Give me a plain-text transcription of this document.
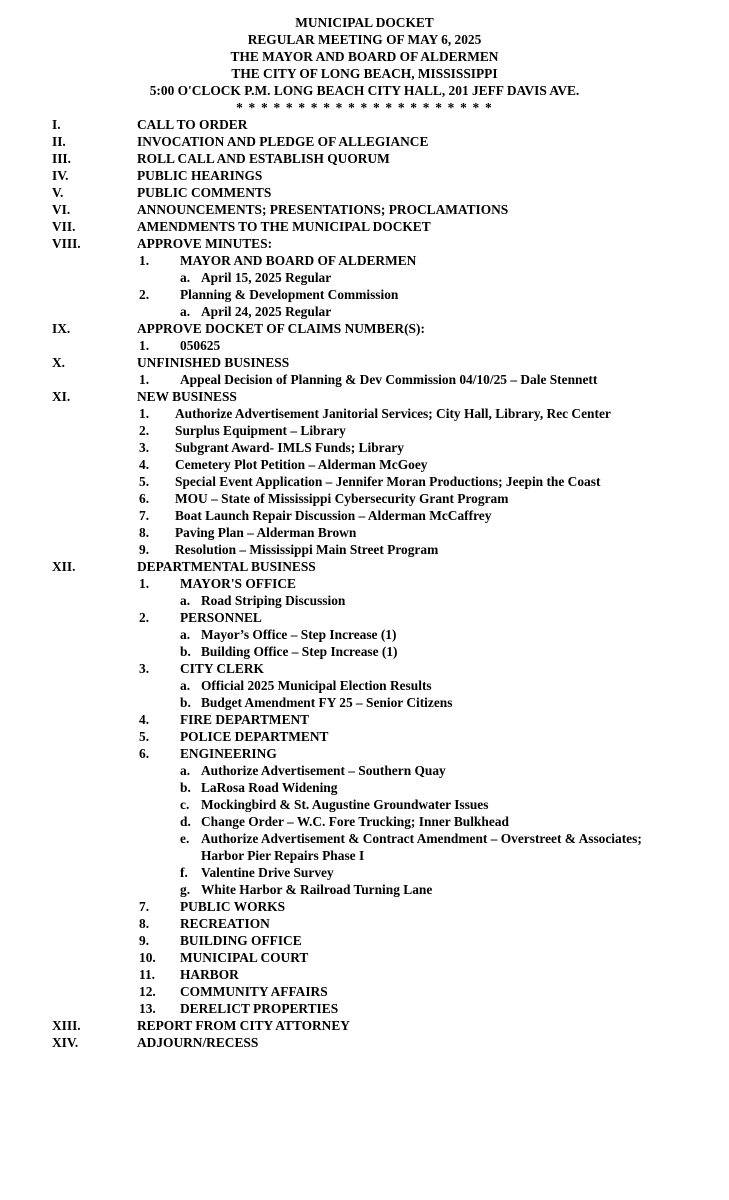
MUNICIPAL DOCKET
REGULAR MEETING OF MAY 6, 2025
THE MAYOR AND BOARD OF ALDERMEN
THE CITY OF LONG BEACH, MISSISSIPPI
5:00 O'CLOCK P.M. LONG BEACH CITY HALL, 201 JEFF DAVIS AVE.
* * * * * * * * * * * * * * * * * * * * *
I.	CALL TO ORDER
II.	INVOCATION AND PLEDGE OF ALLEGIANCE
III.	ROLL CALL AND ESTABLISH QUORUM
IV.	PUBLIC HEARINGS
V.	PUBLIC COMMENTS
VI.	ANNOUNCEMENTS; PRESENTATIONS; PROCLAMATIONS
VII.	AMENDMENTS TO THE MUNICIPAL DOCKET
VIII.	APPROVE MINUTES:
1. MAYOR AND BOARD OF ALDERMEN
a. April 15, 2025 Regular
2. Planning & Development Commission
a. April 24, 2025 Regular
IX.	APPROVE DOCKET OF CLAIMS NUMBER(S):
1. 050625
X.	UNFINISHED BUSINESS
1. Appeal Decision of Planning & Dev Commission 04/10/25 – Dale Stennett
XI.	NEW BUSINESS
1. Authorize Advertisement Janitorial Services; City Hall, Library, Rec Center
2. Surplus Equipment – Library
3. Subgrant Award- IMLS Funds; Library
4. Cemetery Plot Petition – Alderman McGoey
5. Special Event Application – Jennifer Moran Productions; Jeepin the Coast
6. MOU – State of Mississippi Cybersecurity Grant Program
7. Boat Launch Repair Discussion – Alderman McCaffrey
8. Paving Plan – Alderman Brown
9. Resolution – Mississippi Main Street Program
XII.	DEPARTMENTAL BUSINESS
1. MAYOR'S OFFICE
a. Road Striping Discussion
2. PERSONNEL
a. Mayor’s Office – Step Increase (1)
b. Building Office – Step Increase (1)
3. CITY CLERK
a. Official 2025 Municipal Election Results
b. Budget Amendment FY 25 – Senior Citizens
4. FIRE DEPARTMENT
5. POLICE DEPARTMENT
6. ENGINEERING
a. Authorize Advertisement – Southern Quay
b. LaRosa Road Widening
c. Mockingbird & St. Augustine Groundwater Issues
d. Change Order – W.C. Fore Trucking; Inner Bulkhead
e. Authorize Advertisement & Contract Amendment – Overstreet & Associates;
Harbor Pier Repairs Phase I
f. Valentine Drive Survey
g. White Harbor & Railroad Turning Lane
7. PUBLIC WORKS
8. RECREATION
9. BUILDING OFFICE
10. MUNICIPAL COURT
11. HARBOR
12. COMMUNITY AFFAIRS
13. DERELICT PROPERTIES
XIII.	REPORT FROM CITY ATTORNEY
XIV.	ADJOURN/RECESS
